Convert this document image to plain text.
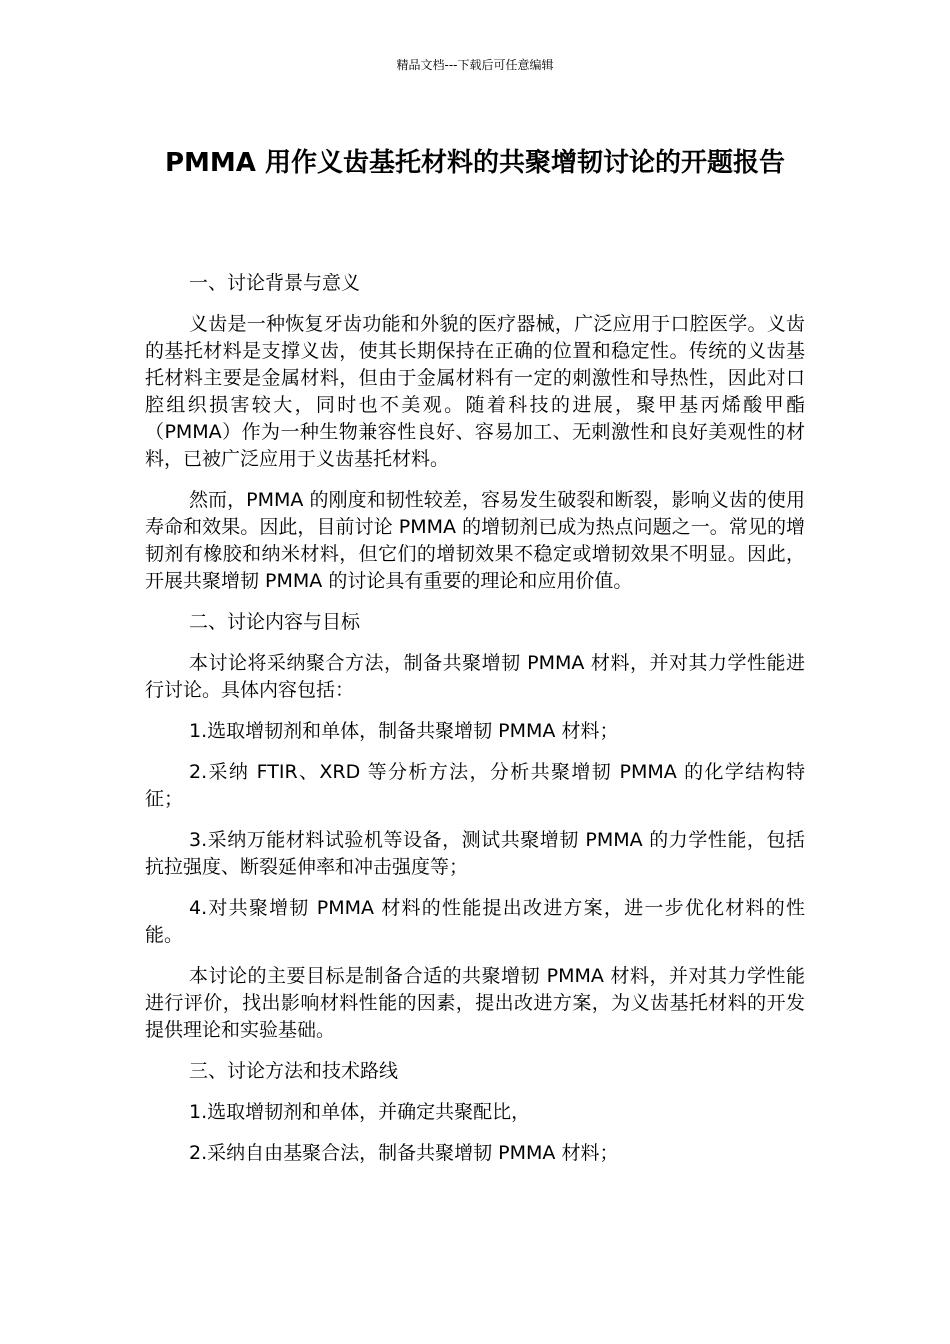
精品文档---下载后可任意编辑
PMMA 用作义齿基托材料的共聚增韧讨论的开题报告

一、讨论背景与意义

义齿是一种恢复牙齿功能和外貌的医疗器械，广泛应用于口腔医学。义齿的基托材料是支撑义齿，使其长期保持在正确的位置和稳定性。传统的义齿基托材料主要是金属材料，但由于金属材料有一定的刺激性和导热性，因此对口腔组织损害较大，同时也不美观。随着科技的进展，聚甲基丙烯酸甲酯（PMMA）作为一种生物兼容性良好、容易加工、无刺激性和良好美观性的材料，已被广泛应用于义齿基托材料。

然而，PMMA 的刚度和韧性较差，容易发生破裂和断裂，影响义齿的使用寿命和效果。因此，目前讨论 PMMA 的增韧剂已成为热点问题之一。常见的增韧剂有橡胶和纳米材料，但它们的增韧效果不稳定或增韧效果不明显。因此，开展共聚增韧 PMMA 的讨论具有重要的理论和应用价值。

二、讨论内容与目标

本讨论将采纳聚合方法，制备共聚增韧 PMMA 材料，并对其力学性能进行讨论。具体内容包括：

1.选取增韧剂和单体，制备共聚增韧 PMMA 材料；

2.采纳 FTIR、XRD 等分析方法，分析共聚增韧 PMMA 的化学结构特征；

3.采纳万能材料试验机等设备，测试共聚增韧 PMMA 的力学性能，包括抗拉强度、断裂延伸率和冲击强度等；

4.对共聚增韧 PMMA 材料的性能提出改进方案，进一步优化材料的性能。

本讨论的主要目标是制备合适的共聚增韧 PMMA 材料，并对其力学性能进行评价，找出影响材料性能的因素，提出改进方案，为义齿基托材料的开发提供理论和实验基础。

三、讨论方法和技术路线

1.选取增韧剂和单体，并确定共聚配比，

2.采纳自由基聚合法，制备共聚增韧 PMMA 材料；
